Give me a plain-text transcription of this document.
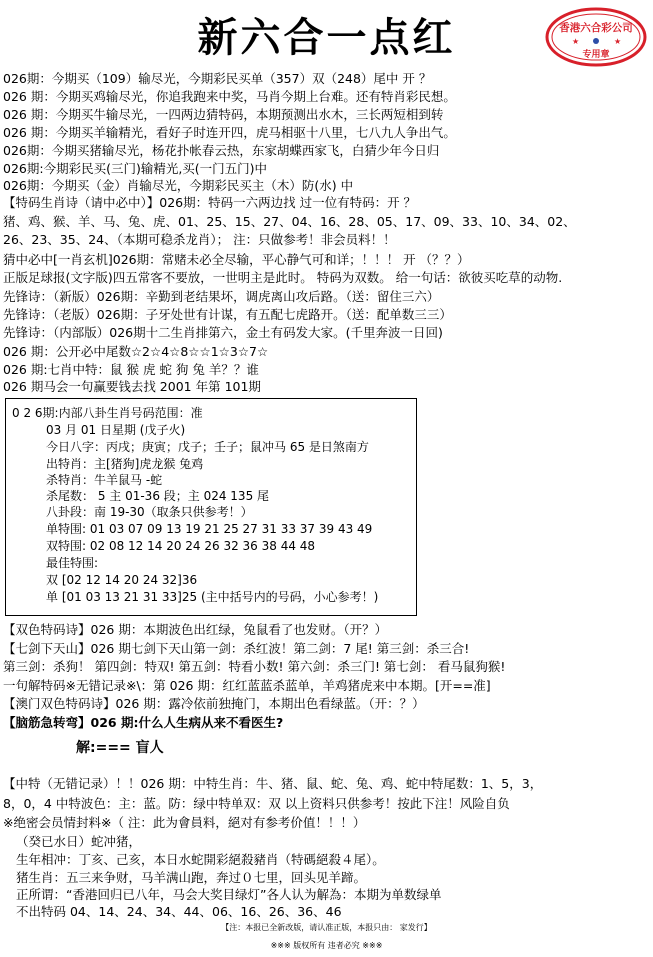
新六合一点红	香港六合彩公司
★	★
专用章
026期：今期买（109）输尽光，今期彩民买单（357）双（248）尾中 开 ？
026 期：今期买鸡输尽光，你追我跑来中奖，马肖今期上台难。还有特肖彩民想。
026 期：今期买牛输尽光，一四两边猜特码，本期预测出水木，三长两短相到转
026 期：今期买羊输精光，看好子时连开四，虎马相驱十八里，七八九人争出气。
026期：今期买猪输尽光，杨花扑帐春云热，东家胡蝶西家飞，白猜少年今日归
026期:今期彩民买(三门)输精光,买(一门五门)中
026期：今期买（金）肖输尽光，今期彩民买主（木）防(水) 中
【特码生肖诗（请中必中）】026期：特码一六两边找 过一位有特码：开 ？
猪、鸡、猴、羊、马、兔、虎、01、25、15、27、04、16、28、05、17、09、33、10、34、02、
26、23、35、24、（本期可稳杀龙肖）； 注：只做参考！非会员料！！
猜中必中[一肖玄机]026期：常赌未必全尽输，平心静气可和详；！！！ 开 （？？）
正版足球报(文字版)四五常客不要放，一世明主是此时。 特码为双数。 给一句话：欲彼买吃草的动物.
先锋诗：（新版）026期：辛勤到老结果坏，调虎离山攻后路。（送：留住三六）
先锋诗：（老版）026期：子牙处世有计谋，有五配七虎路开。（送：配单数三三）
先锋诗：（内部版）026期十二生肖排第六，金土有码发大家。(千里奔波一日回)
026 期：公开必中尾数☆2☆4☆8☆☆1☆3☆7☆
026 期:七肖中特：鼠 猴 虎 蛇 狗 兔 羊？？谁
026 期马会一句赢要钱去找 2001 年第 101期
0 2 6期:内部八卦生肖号码范围：准
03 月 01 日星期 (戊子火)
今日八字：丙戌；庚寅；戊子；壬子；鼠冲马 65 是日煞南方
出特肖：主[猪狗]虎龙猴 兔鸡
杀特肖：牛羊鼠马 -蛇
杀尾数： 5 主 01-36 段；主 024 135 尾
八卦段：南 19-30（取条只供参考！）
单特围: 01 03 07 09 13 19 21 25 27 31 33 37 39 43 49
双特围: 02 08 12 14 20 24 26 32 36 38 44 48
最佳特围:
双 [02 12 14 20 24 32]36
单 [01 03 13 21 31 33]25 (主中括号内的号码，小心参考！)
【双色特码诗】026 期：本期波色出红绿，兔鼠看了也发财。（开？）
【七剑下天山】026 期七剑下天山第一剑：杀红波！第二剑：7 尾! 第三剑：杀三合!
第三剑：杀狗！ 第四剑：特双! 第五剑：特看小数! 第六剑：杀三门! 第七剑： 看马鼠狗猴!
一句解特码※无错记录※\：第 026 期：红红蓝蓝杀蓝单，羊鸡猪虎来中本期。[开==准]
【澳门双色特码诗】026 期：露冷依前独掩门，本期出色看绿蓝。（开：？）
【脑筋急转弯】026 期:什么人生病从来不看医生?
解:=== 盲人
【中特（无错记录）！！026 期：中特生肖：牛、猪、鼠、蛇、兔、鸡、蛇中特尾数：1、5，3，
8，0，4 中特波色：主：蓝。防：绿中特单双：双 以上资料只供参考！按此下注！风险自负
※绝密会员情封料※（ 注：此为會員料，絕对有参考价值！！！）
（癸已水日）蛇冲猪，
生年相冲：丁亥、己亥，本日水蛇開彩絕殺豬肖（特碼絕殺４尾）。
猪生肖：五三来争财，马羊满山跑，奔过０七里，回头见羊蹄。
正所谓：“香港回归已八年，马会大奖目绿灯”各人认为解為：本期为单数绿单
不出特码 04、14、24、34、44、06、16、26、36、46
【注：本报已全新改版，请认准正版，本报只由： 家发行】
※※※ 版权所有 违者必究 ※※※
